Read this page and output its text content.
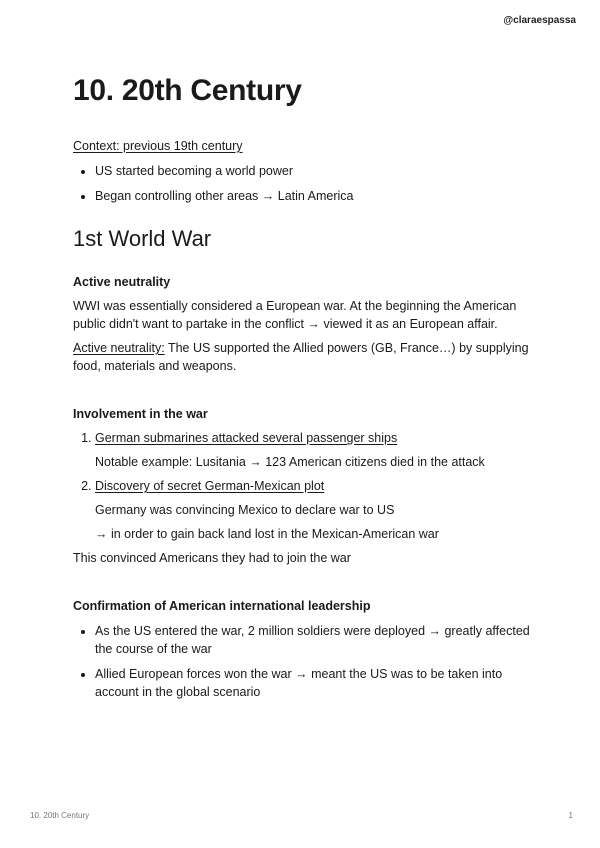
@claraespassa
10. 20th Century
Context: previous 19th century
• US started becoming a world power
• Began controlling other areas → Latin America
1st World War
Active neutrality

WWI was essentially considered a European war. At the beginning the American public didn't want to partake in the conflict → viewed it as an European affair.

Active neutrality: The US supported the Allied powers (GB, France…) by supplying food, materials and weapons.

Involvement in the war
1. German submarines attacked several passenger ships
Notable example: Lusitania → 123 American citizens died in the attack
2. Discovery of secret German-Mexican plot
Germany was convincing Mexico to declare war to US
→ in order to gain back land lost in the Mexican-American war

This convinced Americans they had to join the war

Confirmation of American international leadership
• As the US entered the war, 2 million soldiers were deployed → greatly affected the course of the war
• Allied European forces won the war → meant the US was to be taken into account in the global scenario
10. 20th Century	1
